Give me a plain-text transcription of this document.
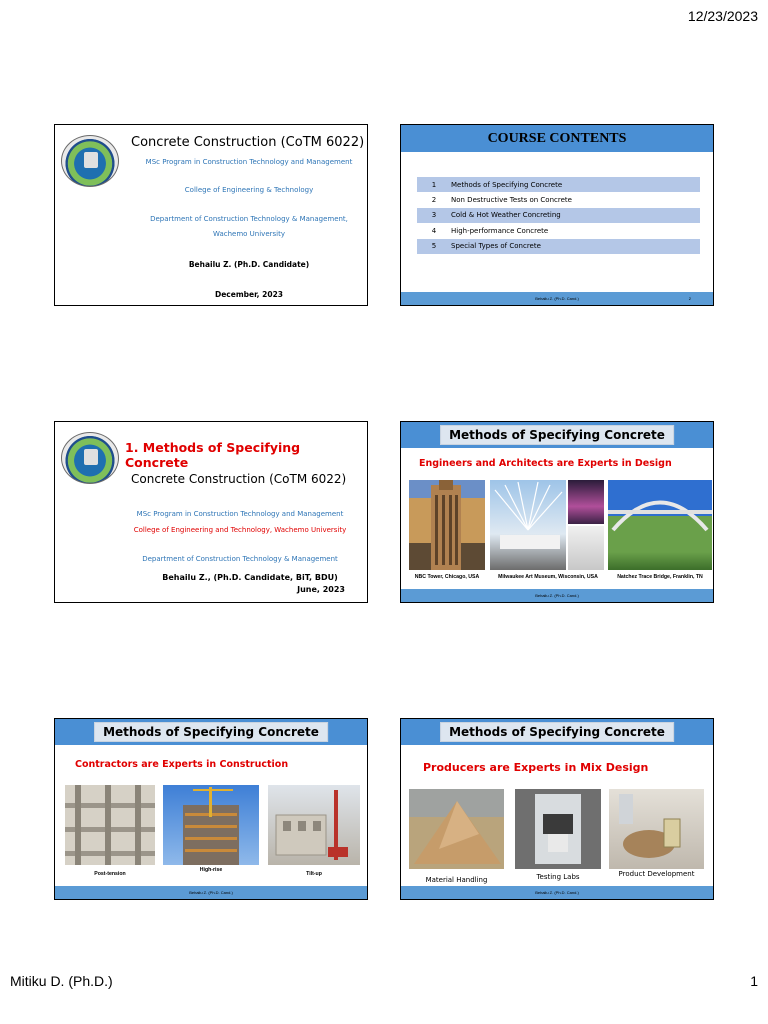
12/23/2023
Concrete Construction (CoTM 6022)
MSc Program in Construction Technology and Management
College of Engineering & Technology
Department of Construction Technology & Management,
Wachemo University
Behailu Z. (Ph.D. Candidate)
December, 2023
COURSE CONTENTS
1	Methods of Specifying Concrete
2	Non Destructive Tests on Concrete
3	Cold & Hot Weather Concreting
4	High-performance Concrete
5	Special Types of Concrete
Behailu Z. (Ph.D. Cand.)	2
1. Methods of Specifying Concrete
Concrete Construction (CoTM 6022)
MSc Program in Construction Technology and Management
College of Engineering and Technology, Wachemo University
Department of Construction Technology & Management
Behailu Z., (Ph.D. Candidate, BiT, BDU)
June, 2023
Methods of Specifying Concrete
Engineers and Architects are Experts in Design
NBC Tower, Chicago, USA	Milwaukee Art Museum, Wisconsin, USA	Natchez Trace Bridge, Franklin, TN
Behailu Z. (Ph.D. Cand.)
Methods of Specifying Concrete
Contractors are Experts in Construction
Post-tension
High-rise
Tilt-up
Behailu Z. (Ph.D. Cand.)
Methods of Specifying Concrete
Producers are Experts in Mix Design
Material Handling	Testing Labs	Product Development
Behailu Z. (Ph.D. Cand.)
Mitiku D. (Ph.D.)	1
